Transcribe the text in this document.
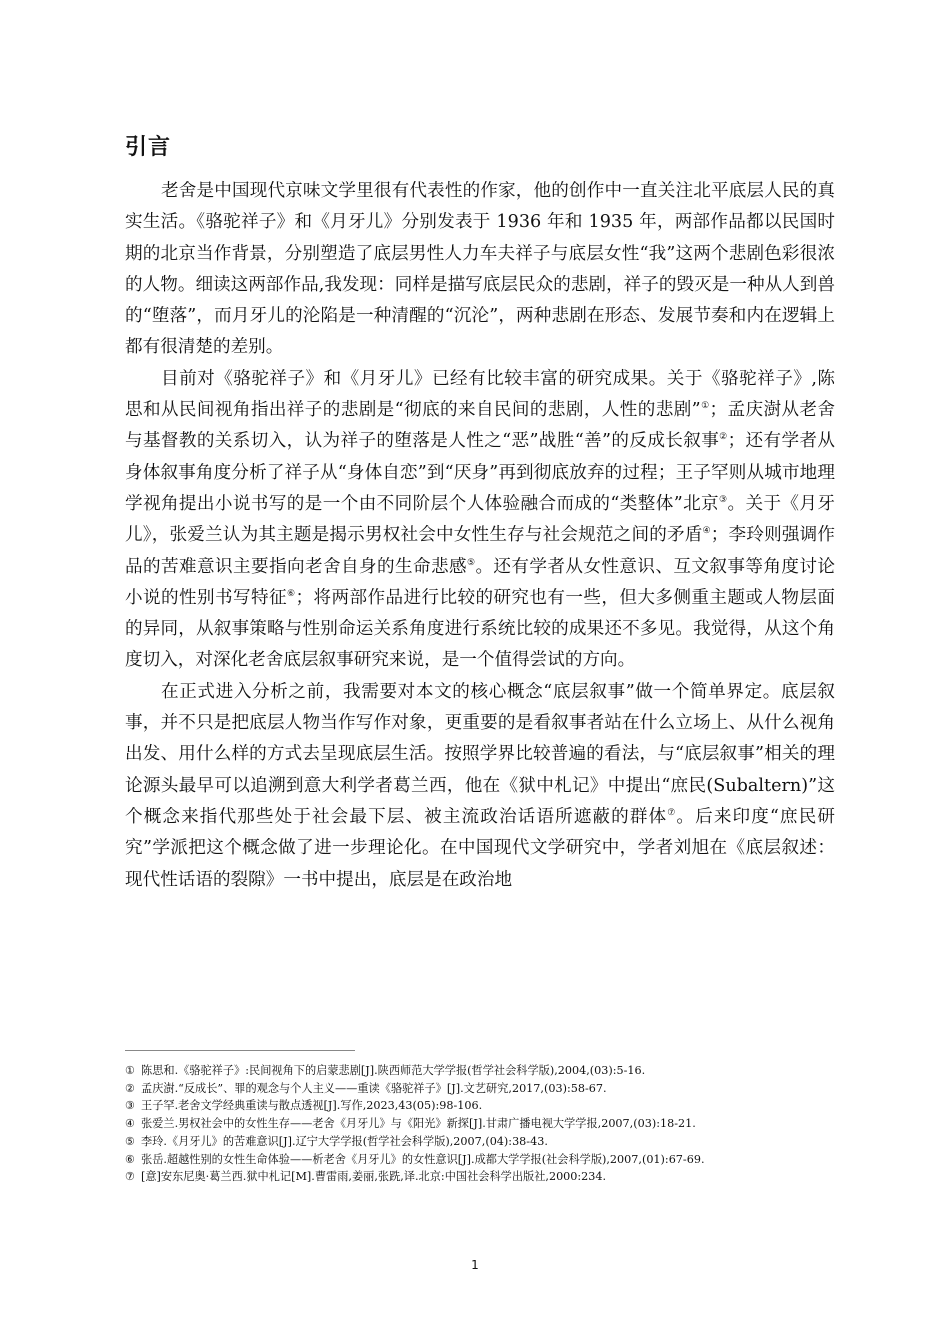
引言

老舍是中国现代京味文学里很有代表性的作家，他的创作中一直关注北平底层人民的真实生活。《骆驼祥子》和《月牙儿》分别发表于 1936 年和 1935 年，两部作品都以民国时期的北京当作背景，分别塑造了底层男性人力车夫祥子与底层女性“我”这两个悲剧色彩很浓的人物。细读这两部作品,我发现：同样是描写底层民众的悲剧，祥子的毁灭是一种从人到兽的“堕落”，而月牙儿的沦陷是一种清醒的“沉沦”，两种悲剧在形态、发展节奏和内在逻辑上都有很清楚的差别。

目前对《骆驼祥子》和《月牙儿》已经有比较丰富的研究成果。关于《骆驼祥子》,陈思和从民间视角指出祥子的悲剧是“彻底的来自民间的悲剧，人性的悲剧”①；孟庆澍从老舍与基督教的关系切入，认为祥子的堕落是人性之“恶”战胜“善”的反成长叙事②；还有学者从身体叙事角度分析了祥子从“身体自恋”到“厌身”再到彻底放弃的过程；王子罕则从城市地理学视角提出小说书写的是一个由不同阶层个人体验融合而成的“类整体”北京③。关于《月牙儿》，张爱兰认为其主题是揭示男权社会中女性生存与社会规范之间的矛盾④；李玲则强调作品的苦难意识主要指向老舍自身的生命悲感⑤。还有学者从女性意识、互文叙事等角度讨论小说的性别书写特征⑥；将两部作品进行比较的研究也有一些，但大多侧重主题或人物层面的异同，从叙事策略与性别命运关系角度进行系统比较的成果还不多见。我觉得，从这个角度切入，对深化老舍底层叙事研究来说，是一个值得尝试的方向。

在正式进入分析之前，我需要对本文的核心概念“底层叙事”做一个简单界定。底层叙事，并不只是把底层人物当作写作对象，更重要的是看叙事者站在什么立场上、从什么视角出发、用什么样的方式去呈现底层生活。按照学界比较普遍的看法，与“底层叙事”相关的理论源头最早可以追溯到意大利学者葛兰西，他在《狱中札记》中提出“庶民(Subaltern)”这个概念来指代那些处于社会最下层、被主流政治话语所遮蔽的群体⑦。后来印度“庶民研究”学派把这个概念做了进一步理论化。在中国现代文学研究中，学者刘旭在《底层叙述：现代性话语的裂隙》一书中提出，底层是在政治地

① 陈思和.《骆驼祥子》:民间视角下的启蒙悲剧[J].陕西师范大学学报(哲学社会科学版),2004,(03):5-16.
② 孟庆澍.“反成长”、罪的观念与个人主义——重读《骆驼祥子》[J].文艺研究,2017,(03):58-67.
③ 王子罕.老舍文学经典重读与散点透视[J].写作,2023,43(05):98-106.
④ 张爱兰.男权社会中的女性生存——老舍《月牙儿》与《阳光》新探[J].甘肃广播电视大学学报,2007,(03):18-21.
⑤ 李玲.《月牙儿》的苦难意识[J].辽宁大学学报(哲学社会科学版),2007,(04):38-43.
⑥ 张岳.超越性别的女性生命体验——析老舍《月牙儿》的女性意识[J].成都大学学报(社会科学版),2007,(01):67-69.
⑦ [意]安东尼奥·葛兰西.狱中札记[M].曹雷雨,姜丽,张跣,译.北京:中国社会科学出版社,2000:234.
1
